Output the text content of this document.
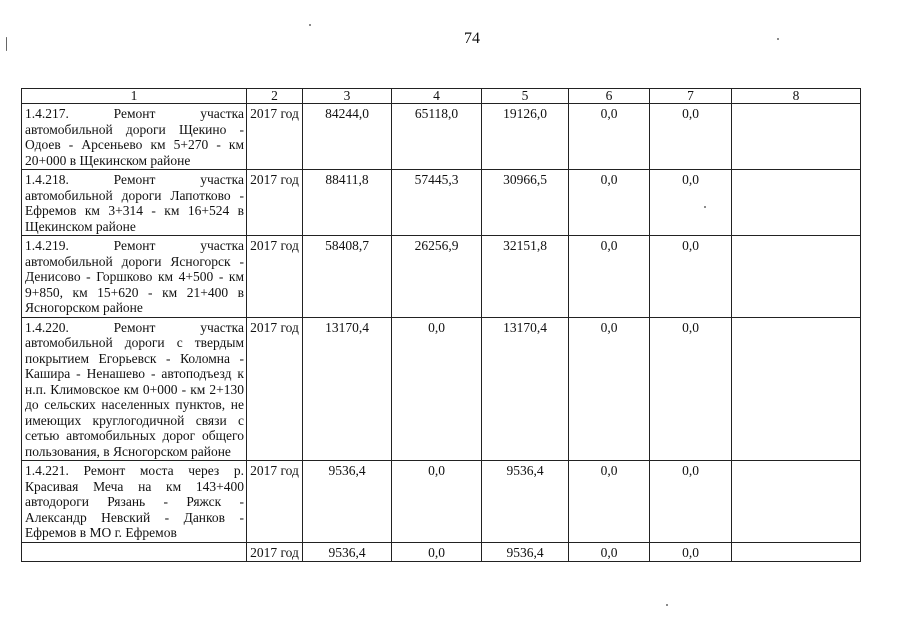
74
1	2	3	4	5	6	7	8
1.4.217. Ремонт участка автомобильной дороги Щекино - Одоев - Арсеньево км 5+270 - км 20+000 в Щекинском районе	2017 год	84244,0	65118,0	19126,0	0,0	0,0	
1.4.218. Ремонт участка автомобильной дороги Лапотково - Ефремов км 3+314 - км 16+524 в Щекинском районе	2017 год	88411,8	57445,3	30966,5	0,0	0,0	
1.4.219. Ремонт участка автомобильной дороги Ясногорск - Денисово - Горшково км 4+500 - км 9+850, км 15+620 - км 21+400 в Ясногорском районе	2017 год	58408,7	26256,9	32151,8	0,0	0,0	
1.4.220. Ремонт участка автомобильной дороги с твердым покрытием Егорьевск - Коломна - Кашира - Ненашево - автоподъезд к н.п. Климовское км 0+000 - км 2+130 до сельских населенных пунктов, не имеющих круглогодичной связи с сетью автомобильных дорог общего пользования, в Ясногорском районе	2017 год	13170,4	0,0	13170,4	0,0	0,0	
1.4.221. Ремонт моста через р. Красивая Меча на км 143+400 автодороги Рязань - Ряжск - Александр Невский - Данков - Ефремов в МО г. Ефремов	2017 год	9536,4	0,0	9536,4	0,0	0,0	
	2017 год	9536,4	0,0	9536,4	0,0	0,0	
